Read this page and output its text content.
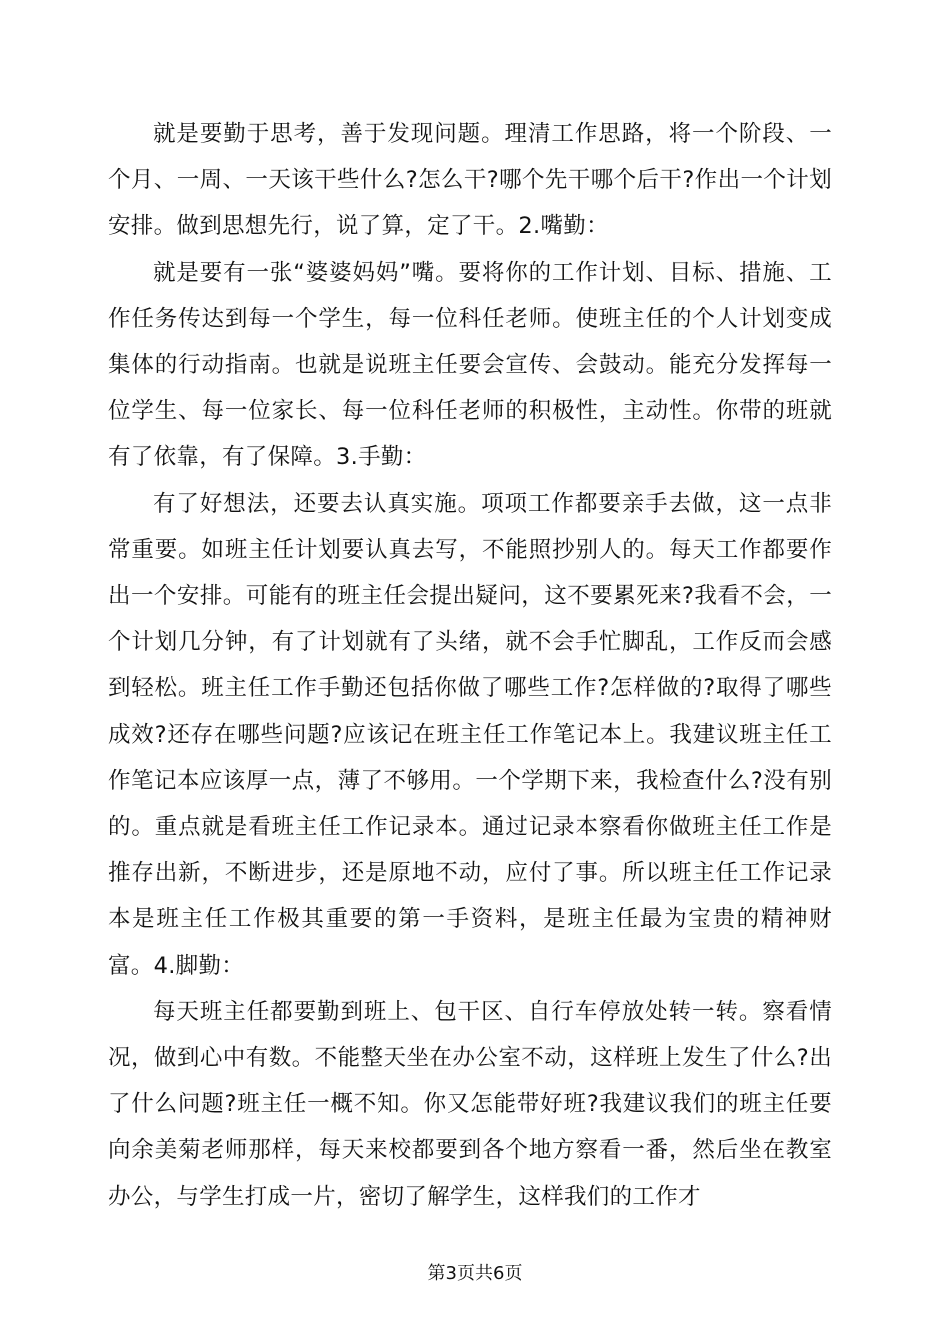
就是要勤于思考，善于发现问题。理清工作思路，将一个阶段、一个月、一周、一天该干些什么?怎么干?哪个先干哪个后干?作出一个计划安排。做到思想先行，说了算，定了干。2.嘴勤：

就是要有一张“婆婆妈妈”嘴。要将你的工作计划、目标、措施、工作任务传达到每一个学生，每一位科任老师。使班主任的个人计划变成集体的行动指南。也就是说班主任要会宣传、会鼓动。能充分发挥每一位学生、每一位家长、每一位科任老师的积极性，主动性。你带的班就有了依靠，有了保障。3.手勤：

有了好想法，还要去认真实施。项项工作都要亲手去做，这一点非常重要。如班主任计划要认真去写，不能照抄别人的。每天工作都要作出一个安排。可能有的班主任会提出疑问，这不要累死来?我看不会，一个计划几分钟，有了计划就有了头绪，就不会手忙脚乱，工作反而会感到轻松。班主任工作手勤还包括你做了哪些工作?怎样做的?取得了哪些成效?还存在哪些问题?应该记在班主任工作笔记本上。我建议班主任工作笔记本应该厚一点，薄了不够用。一个学期下来，我检查什么?没有别的。重点就是看班主任工作记录本。通过记录本察看你做班主任工作是推存出新，不断进步，还是原地不动，应付了事。所以班主任工作记录本是班主任工作极其重要的第一手资料，是班主任最为宝贵的精神财富。4.脚勤：

每天班主任都要勤到班上、包干区、自行车停放处转一转。察看情况，做到心中有数。不能整天坐在办公室不动，这样班上发生了什么?出了什么问题?班主任一概不知。你又怎能带好班?我建议我们的班主任要向余美菊老师那样，每天来校都要到各个地方察看一番，然后坐在教室办公，与学生打成一片，密切了解学生，这样我们的工作才

第3页共6页
